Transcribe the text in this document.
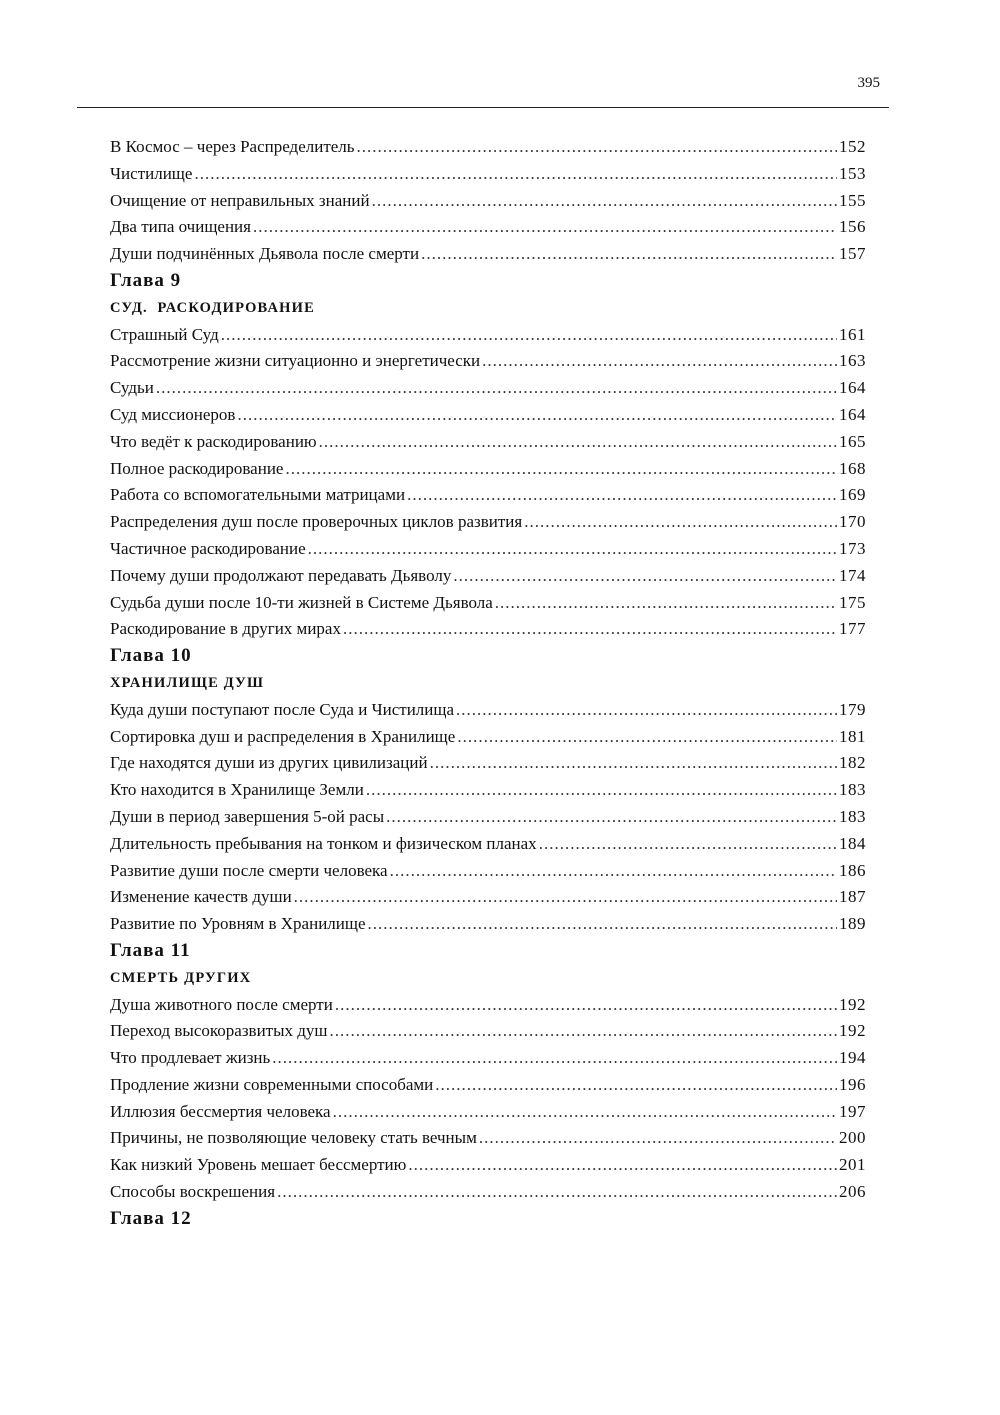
395
В Космос – через Распределитель .....	152
Чистилище .....	153
Очищение от неправильных знаний .....	155
Два типа очищения .....	156
Души подчинённых Дьявола после смерти .....	157
Глава 9
СУД.  РАСКОДИРОВАНИЕ
Страшный Суд .....	161
Рассмотрение жизни ситуационно и энергетически .....	163
Судьи .....	164
Суд миссионеров .....	164
Что ведёт к раскодированию .....	165
Полное раскодирование .....	168
Работа со вспомогательными матрицами .....	169
Распределения душ после проверочных циклов развития .....	170
Частичное раскодирование .....	173
Почему души продолжают передавать Дьяволу .....	174
Судьба души после 10-ти жизней в Системе Дьявола .....	175
Раскодирование в других мирах .....	177
Глава 10
ХРАНИЛИЩЕ ДУШ
Куда души поступают после Суда и Чистилища .....	179
Сортировка душ и распределения в Хранилище .....	181
Где находятся души из других цивилизаций .....	182
Кто находится в Хранилище Земли .....	183
Души в период завершения 5-ой расы .....	183
Длительность пребывания на тонком и физическом планах .....	184
Развитие души после смерти человека .....	186
Изменение качеств души .....	187
Развитие по Уровням в Хранилище .....	189
Глава 11
СМЕРТЬ ДРУГИХ
Душа животного после смерти .....	192
Переход высокоразвитых душ .....	192
Что продлевает жизнь .....	194
Продление жизни современными способами .....	196
Иллюзия бессмертия человека .....	197
Причины, не позволяющие человеку стать вечным .....	200
Как низкий Уровень мешает бессмертию .....	201
Способы воскрешения .....	206
Глава 12
